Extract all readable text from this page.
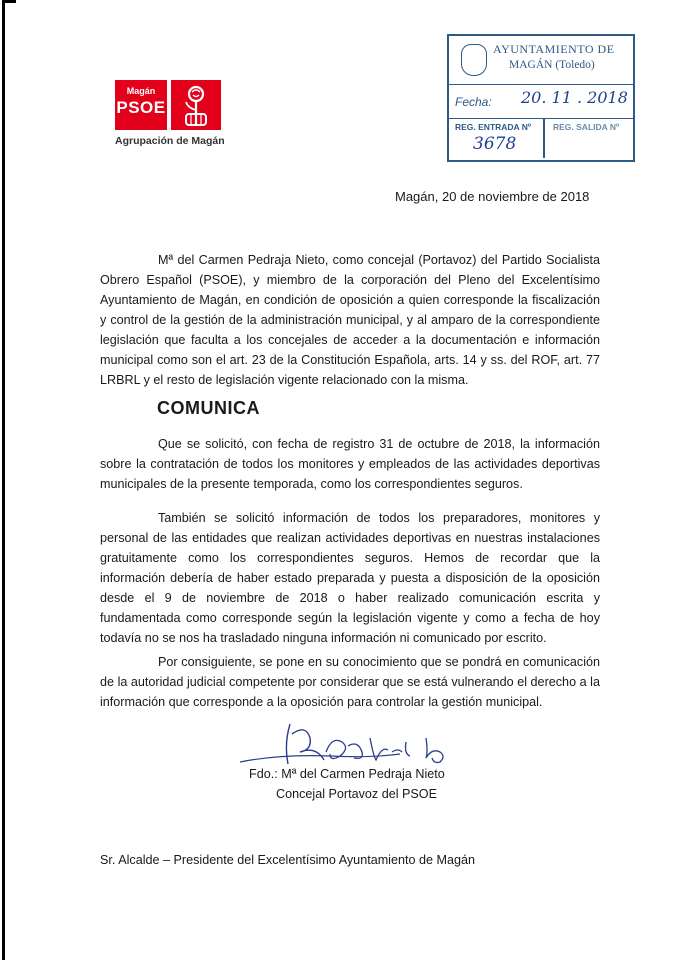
Magán
PSOE
Agrupación de Magán
AYUNTAMIENTO DE
MAGÁN (Toledo)
Fecha: 20. 11 . 2018
REG. ENTRADA Nº
3678
REG. SALIDA Nº
Magán, 20 de noviembre de 2018

Mª del Carmen Pedraja Nieto, como concejal (Portavoz) del Partido Socialista Obrero Español (PSOE), y miembro de la corporación del Pleno del Excelentísimo Ayuntamiento de Magán, en condición de oposición a quien corresponde la fiscalización y control de la gestión de la administración municipal, y al amparo de la correspondiente legislación que faculta a los concejales de acceder a la documentación e información municipal como son el art. 23 de la Constitución Española, arts. 14 y ss. del ROF, art. 77 LRBRL y el resto de legislación vigente relacionado con la misma.

COMUNICA

Que se solicitó, con fecha de registro 31 de octubre de 2018, la información sobre la contratación de todos los monitores y empleados de las actividades deportivas municipales de la presente temporada, como los correspondientes seguros.

También se solicitó información de todos los preparadores, monitores y personal de las entidades que realizan actividades deportivas en nuestras instalaciones gratuitamente como los correspondientes seguros. Hemos de recordar que la información debería de haber estado preparada y puesta a disposición de la oposición desde el 9 de noviembre de 2018 o haber realizado comunicación escrita y fundamentada como corresponde según la legislación vigente y como a fecha de hoy todavía no se nos ha trasladado ninguna información ni comunicado por escrito.

Por consiguiente, se pone en su conocimiento que se pondrá en comunicación de la autoridad judicial competente por considerar que se está vulnerando el derecho a la información que corresponde a la oposición para controlar la gestión municipal.

Fdo.: Mª del Carmen Pedraja Nieto
Concejal Portavoz del PSOE
Sr. Alcalde – Presidente del Excelentísimo Ayuntamiento de Magán
